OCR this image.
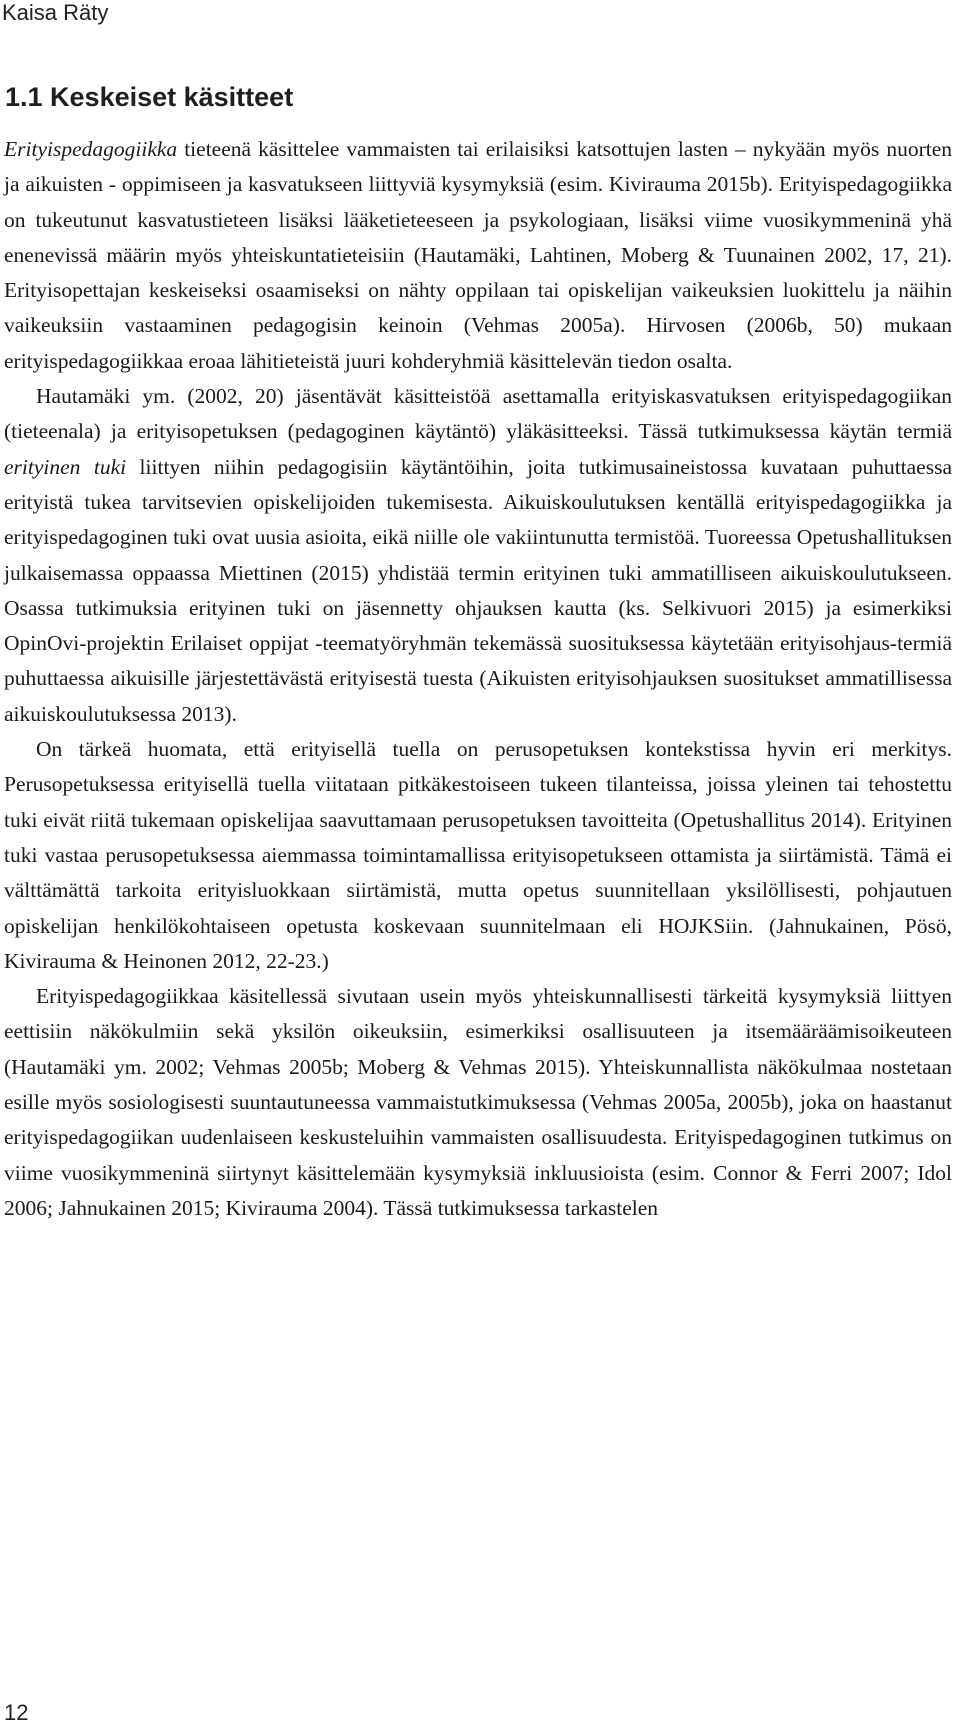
Kaisa Räty
1.1 Keskeiset käsitteet

Erityispedagogiikka tieteenä käsittelee vammaisten tai erilaisiksi katsottujen lasten – nykyään myös nuorten ja aikuisten - oppimiseen ja kasvatukseen liittyviä kysymyksiä (esim. Kivirauma 2015b). Erityispedagogiikka on tukeutunut kasvatustieteen lisäksi lääketieteeseen ja psykologiaan, lisäksi viime vuosikymmeninä yhä enenevissä määrin myös yhteiskuntatieteisiin (Hautamäki, Lahtinen, Moberg & Tuunainen 2002, 17, 21). Erityisopettajan keskeiseksi osaamiseksi on nähty oppilaan tai opiskelijan vaikeuksien luokittelu ja näihin vaikeuksiin vastaaminen pedagogisin keinoin (Vehmas 2005a). Hirvosen (2006b, 50) mukaan erityispedagogiikkaa eroaa lähitieteistä juuri kohderyhmiä käsittelevän tiedon osalta.

Hautamäki ym. (2002, 20) jäsentävät käsitteistöä asettamalla erityiskasvatuksen erityispedagogiikan (tieteenala) ja erityisopetuksen (pedagoginen käytäntö) yläkäsitteeksi. Tässä tutkimuksessa käytän termiä erityinen tuki liittyen niihin pedagogisiin käytäntöihin, joita tutkimusaineistossa kuvataan puhuttaessa erityistä tukea tarvitsevien opiskelijoiden tukemisesta. Aikuiskoulutuksen kentällä erityispedagogiikka ja erityispedagoginen tuki ovat uusia asioita, eikä niille ole vakiintunutta termistöä. Tuoreessa Opetushallituksen julkaisemassa oppaassa Miettinen (2015) yhdistää termin erityinen tuki ammatilliseen aikuiskoulutukseen. Osassa tutkimuksia erityinen tuki on jäsennetty ohjauksen kautta (ks. Selkivuori 2015) ja esimerkiksi OpinOvi-projektin Erilaiset oppijat -teematyöryhmän tekemässä suosituksessa käytetään erityisohjaus-termiä puhuttaessa aikuisille järjestettävästä erityisestä tuesta (Aikuisten erityisohjauksen suositukset ammatillisessa aikuiskoulutuksessa 2013).

On tärkeä huomata, että erityisellä tuella on perusopetuksen kontekstissa hyvin eri merkitys. Perusopetuksessa erityisellä tuella viitataan pitkäkestoiseen tukeen tilanteissa, joissa yleinen tai tehostettu tuki eivät riitä tukemaan opiskelijaa saavuttamaan perusopetuksen tavoitteita (Opetushallitus 2014). Erityinen tuki vastaa perusopetuksessa aiemmassa toimintamallissa erityisopetukseen ottamista ja siirtämistä. Tämä ei välttämättä tarkoita erityisluokkaan siirtämistä, mutta opetus suunnitellaan yksilöllisesti, pohjautuen opiskelijan henkilökohtaiseen opetusta koskevaan suunnitelmaan eli HOJKSiin. (Jahnukainen, Pösö, Kivirauma & Heinonen 2012, 22-23.)

Erityispedagogiikkaa käsitellessä sivutaan usein myös yhteiskunnallisesti tärkeitä kysymyksiä liittyen eettisiin näkökulmiin sekä yksilön oikeuksiin, esimerkiksi osallisuuteen ja itsemääräämisoikeuteen (Hautamäki ym. 2002; Vehmas 2005b; Moberg & Vehmas 2015). Yhteiskunnallista näkökulmaa nostetaan esille myös sosiologisesti suuntautuneessa vammaistutkimuksessa (Vehmas 2005a, 2005b), joka on haastanut erityispedagogiikan uudenlaiseen keskusteluihin vammaisten osallisuudesta. Erityispedagoginen tutkimus on viime vuosikymmeninä siirtynyt käsittelemään kysymyksiä inkluusioista (esim. Connor & Ferri 2007; Idol 2006; Jahnukainen 2015; Kivirauma 2004). Tässä tutkimuksessa tarkastelen

12
